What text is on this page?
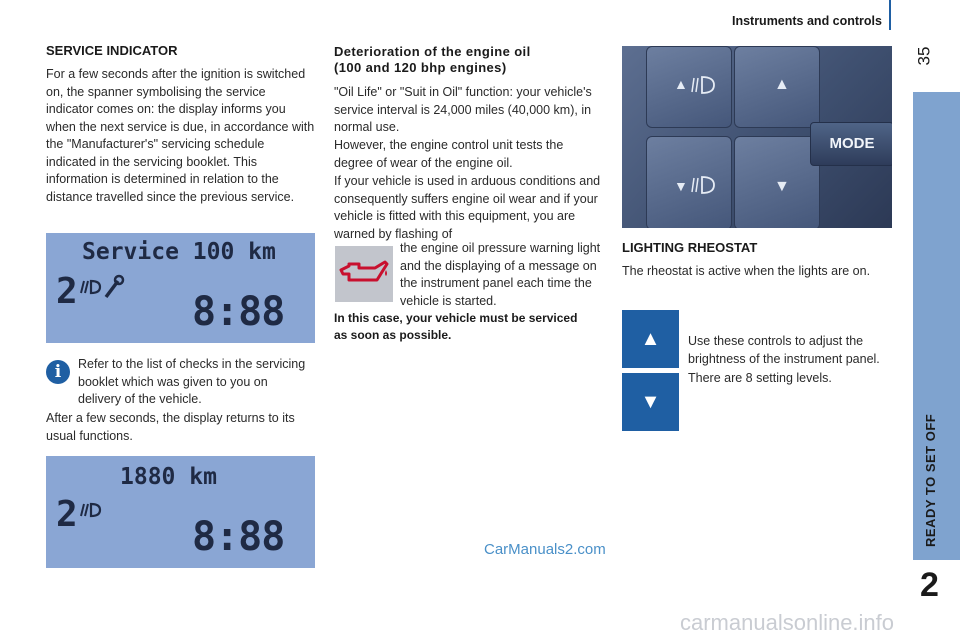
Instruments and controls
35
READY TO SET OFF
2
SERVICE INDICATOR
For a few seconds after the ignition is switched on, the spanner symbolising the service indicator comes on: the display informs you when the next service is due, in accordance with the "Manufacturer's" servicing schedule indicated in the servicing booklet. This information is determined in relation to the distance travelled since the previous service.
Service 100 km
2	8:88
i	Refer to the list of checks in the servicing booklet which was given to you on delivery of the vehicle.
After a few seconds, the display returns to its usual functions.
1880 km
2	8:88
Deterioration of the engine oil
(100 and 120 bhp engines)
"Oil Life" or "Suit in Oil" function: your vehicle's service interval is 24,000 miles (40,000 km), in normal use.
However, the engine control unit tests the degree of wear of the engine oil.
If your vehicle is used in arduous conditions and consequently suffers engine oil wear and if your vehicle is fitted with this equipment, you are warned by flashing of
the engine oil pressure warning light and the displaying of a message on the instrument panel each time the vehicle is started.
In this case, your vehicle must be serviced as soon as possible.
▲	▲
▼	▼
MODE
LIGHTING RHEOSTAT
The rheostat is active when the lights are on.
▲
▼
Use these controls to adjust the brightness of the instrument panel.
There are 8 setting levels.
CarManuals2.com
carmanualsonline.info
